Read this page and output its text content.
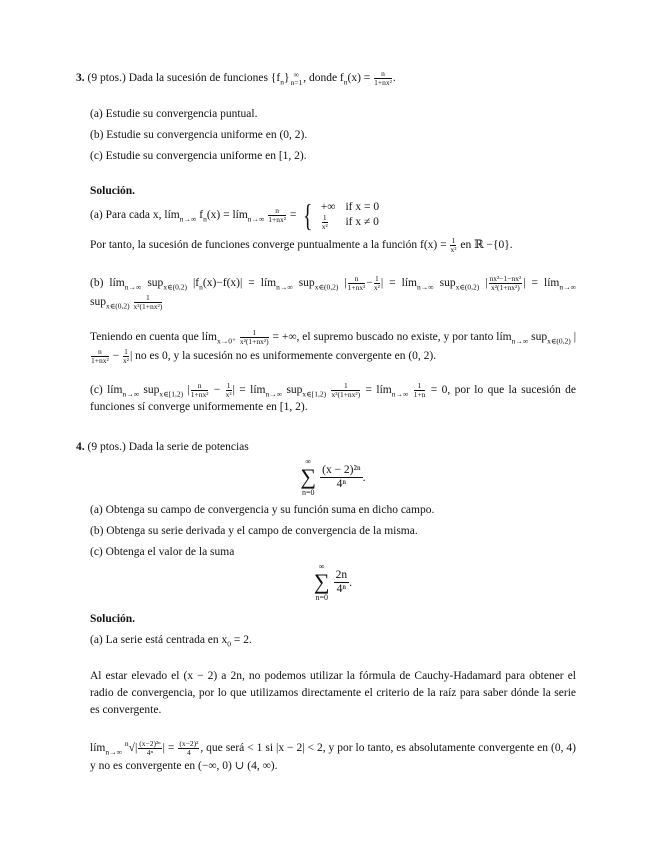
3. (9 ptos.) Dada la sucesión de funciones $\{f_n\}$ ∞
n=1 , donde $f_n(x) = \frac{n}{\text{1+nx²}}$ .
(a) Estudie su convergencia puntual.
(b) Estudie su convergencia uniforme en (0, 2).
(c) Estudie su convergencia uniforme en [1, 2).
Solución.
(a) Para cada x, lím$_{n\to\infty}$ $f_n(x)$ = lím$_{n\to\infty}$ $\frac{n}{\text{1+nx²}}$ = { +∞	if x = 0

$\frac{1}{\text{x²}}$	if x ≠ 0
Por tanto, la sucesión de funciones converge puntualmente a la función $f(x) = \frac{1}{\text{x²}}$ en ℝ −{0}.
(b) lím$_{n\to\infty}$ sup$_{x\in(0,2)}$ $|f_n(x)-f(x)|$ = lím$_{n\to\infty}$ sup$_{x\in(0,2)}$ | $\frac{n}{\text{1+nx²}} - \frac{1}{\text{x²}}$ | = lím$_{n\to\infty}$ sup$_{x\in(0,2)}$ | $\frac{\text{nx²−1−nx²}}{\text{x²(1+nx²)}}$ | = lím$_{n\to\infty}$ $sup_{x\in(0,2)} \frac{1}{\text{x²(1+nx²)}}$
Teniendo en cuenta que lím$_{x\to 0^+}$ $\frac{1}{\text{x²(1+nx²)}}$ = +∞, el supremo buscado no existe, y por tanto lím$_{n\to\infty}$ sup$_{x\in(0,2)}$ |
$\frac{n}{\text{1+nx²}} - \frac{1}{\text{x²}}$ | no es 0, y la sucesión no es uniformemente convergente en (0, 2).
(c) lím$_{n\to\infty}$ sup$_{x\in[1,2)}$ | $\frac{n}{\text{1+nx²}} - \frac{1}{\text{x²}}$ | = lím$_{n\to\infty}$ $sup_{x\in[1,2)} \frac{1}{\text{x²(1+nx²)}}$ = lím$_{n\to\infty}$ $\frac{1}{1+n} = 0$, por lo que la sucesión de funciones sí converge uniformemente en [1, 2).
4. (9 ptos.) Dada la serie de potencias
∞
∑
n=0
(x − 2)²ⁿ
4ⁿ	.
(a) Obtenga su campo de convergencia y su función suma en dicho campo.
(b) Obtenga su serie derivada y el campo de convergencia de la misma.
(c) Obtenga el valor de la suma
∞
∑
n=0
2n
4ⁿ .
Solución.
(a) La serie está centrada en $x_0 = 2$.
Al estar elevado el (x − 2) a 2n, no podemos utilizar la fórmula de Cauchy-Hadamard para obtener el radio de convergencia, por lo que utilizamos directamente el criterio de la raíz para saber dónde la serie es convergente.
lím$_{n\to\infty}$ $^n√| \frac{\text{(x−2)²ⁿ}}{\text{4ⁿ}}$ | = $\frac{\text{(x−2)²}}{4}$ , que será < 1 si |x − 2| < 2, y por lo tanto, es absolutamente convergente en (0, 4) y no es convergente en (−∞, 0) ∪ (4, ∞).
